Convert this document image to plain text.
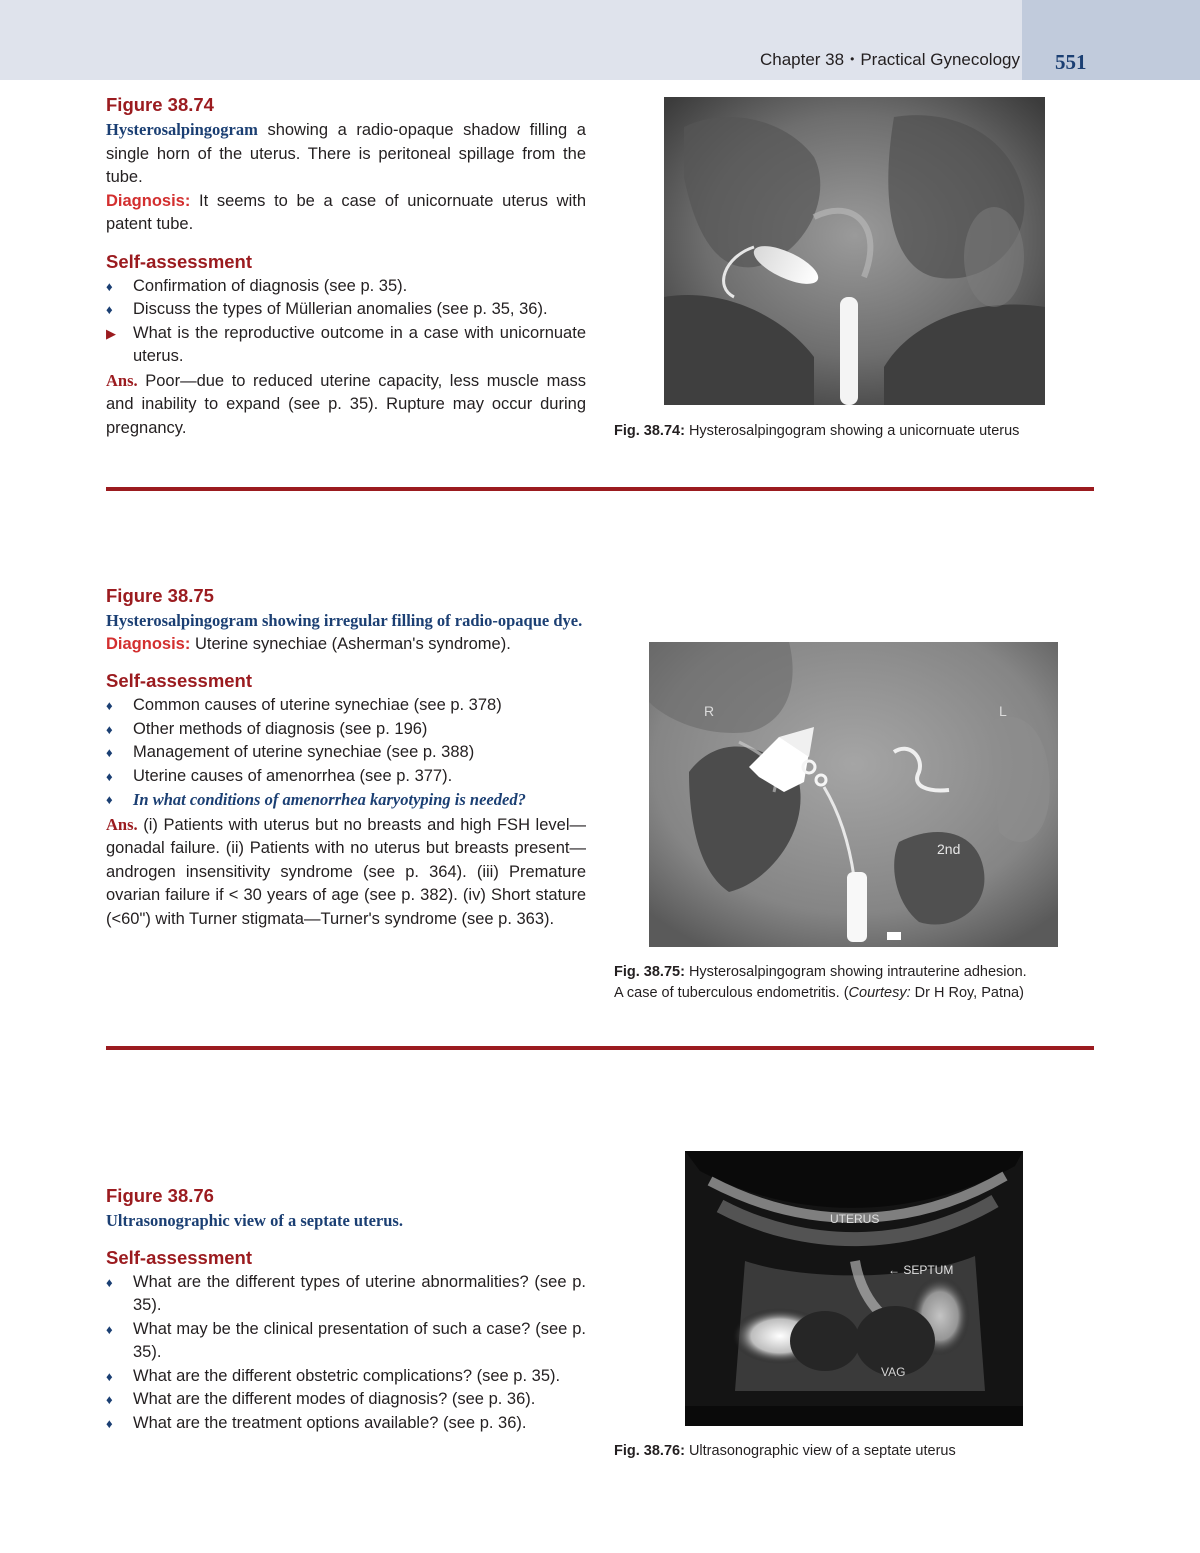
Chapter 38 • Practical Gynecology 551
Figure 38.74

Hysterosalpingogram showing a radio-opaque shadow filling a single horn of the uterus. There is peritoneal spillage from the tube.

Diagnosis: It seems to be a case of unicornuate uterus with patent tube.

Self-assessment
♦ Confirmation of diagnosis (see p. 35).
♦ Discuss the types of Müllerian anomalies (see p. 35, 36).
▶ What is the reproductive outcome in a case with unicornuate uterus.

Ans. Poor—due to reduced uterine capacity, less muscle mass and inability to expand (see p. 35). Rupture may occur during pregnancy.	Fig. 38.74: Hysterosalpingogram showing a unicornuate uterus
Figure 38.75

Hysterosalpingogram showing irregular filling of radio-opaque dye.

Diagnosis: Uterine synechiae (Asherman's syndrome).

Self-assessment
♦ Common causes of uterine synechiae (see p. 378)
♦ Other methods of diagnosis (see p. 196)
♦ Management of uterine synechiae (see p. 388)
♦ Uterine causes of amenorrhea (see p. 377).
♦ In what conditions of amenorrhea karyotyping is needed?

Ans. (i) Patients with uterus but no breasts and high FSH level—gonadal failure. (ii) Patients with no uterus but breasts present—androgen insensitivity syndrome (see p. 364). (iii) Premature ovarian failure if < 30 years of age (see p. 382). (iv) Short stature (<60") with Turner stigmata—Turner's syndrome (see p. 363).

R	L
2nd
Fig. 38.75: Hysterosalpingogram showing intrauterine adhesion.
A case of tuberculous endometritis. (Courtesy: Dr H Roy, Patna)
Figure 38.76

Ultrasonographic view of a septate uterus.

Self-assessment
♦ What are the different types of uterine abnormalities? (see p. 35).
♦ What may be the clinical presentation of such a case? (see p. 35).
♦ What are the different obstetric complications? (see p. 35).
♦ What are the different modes of diagnosis? (see p. 36).
♦ What are the treatment options available? (see p. 36).
UTERUS
← SEPTUM
VAG
Fig. 38.76: Ultrasonographic view of a septate uterus
